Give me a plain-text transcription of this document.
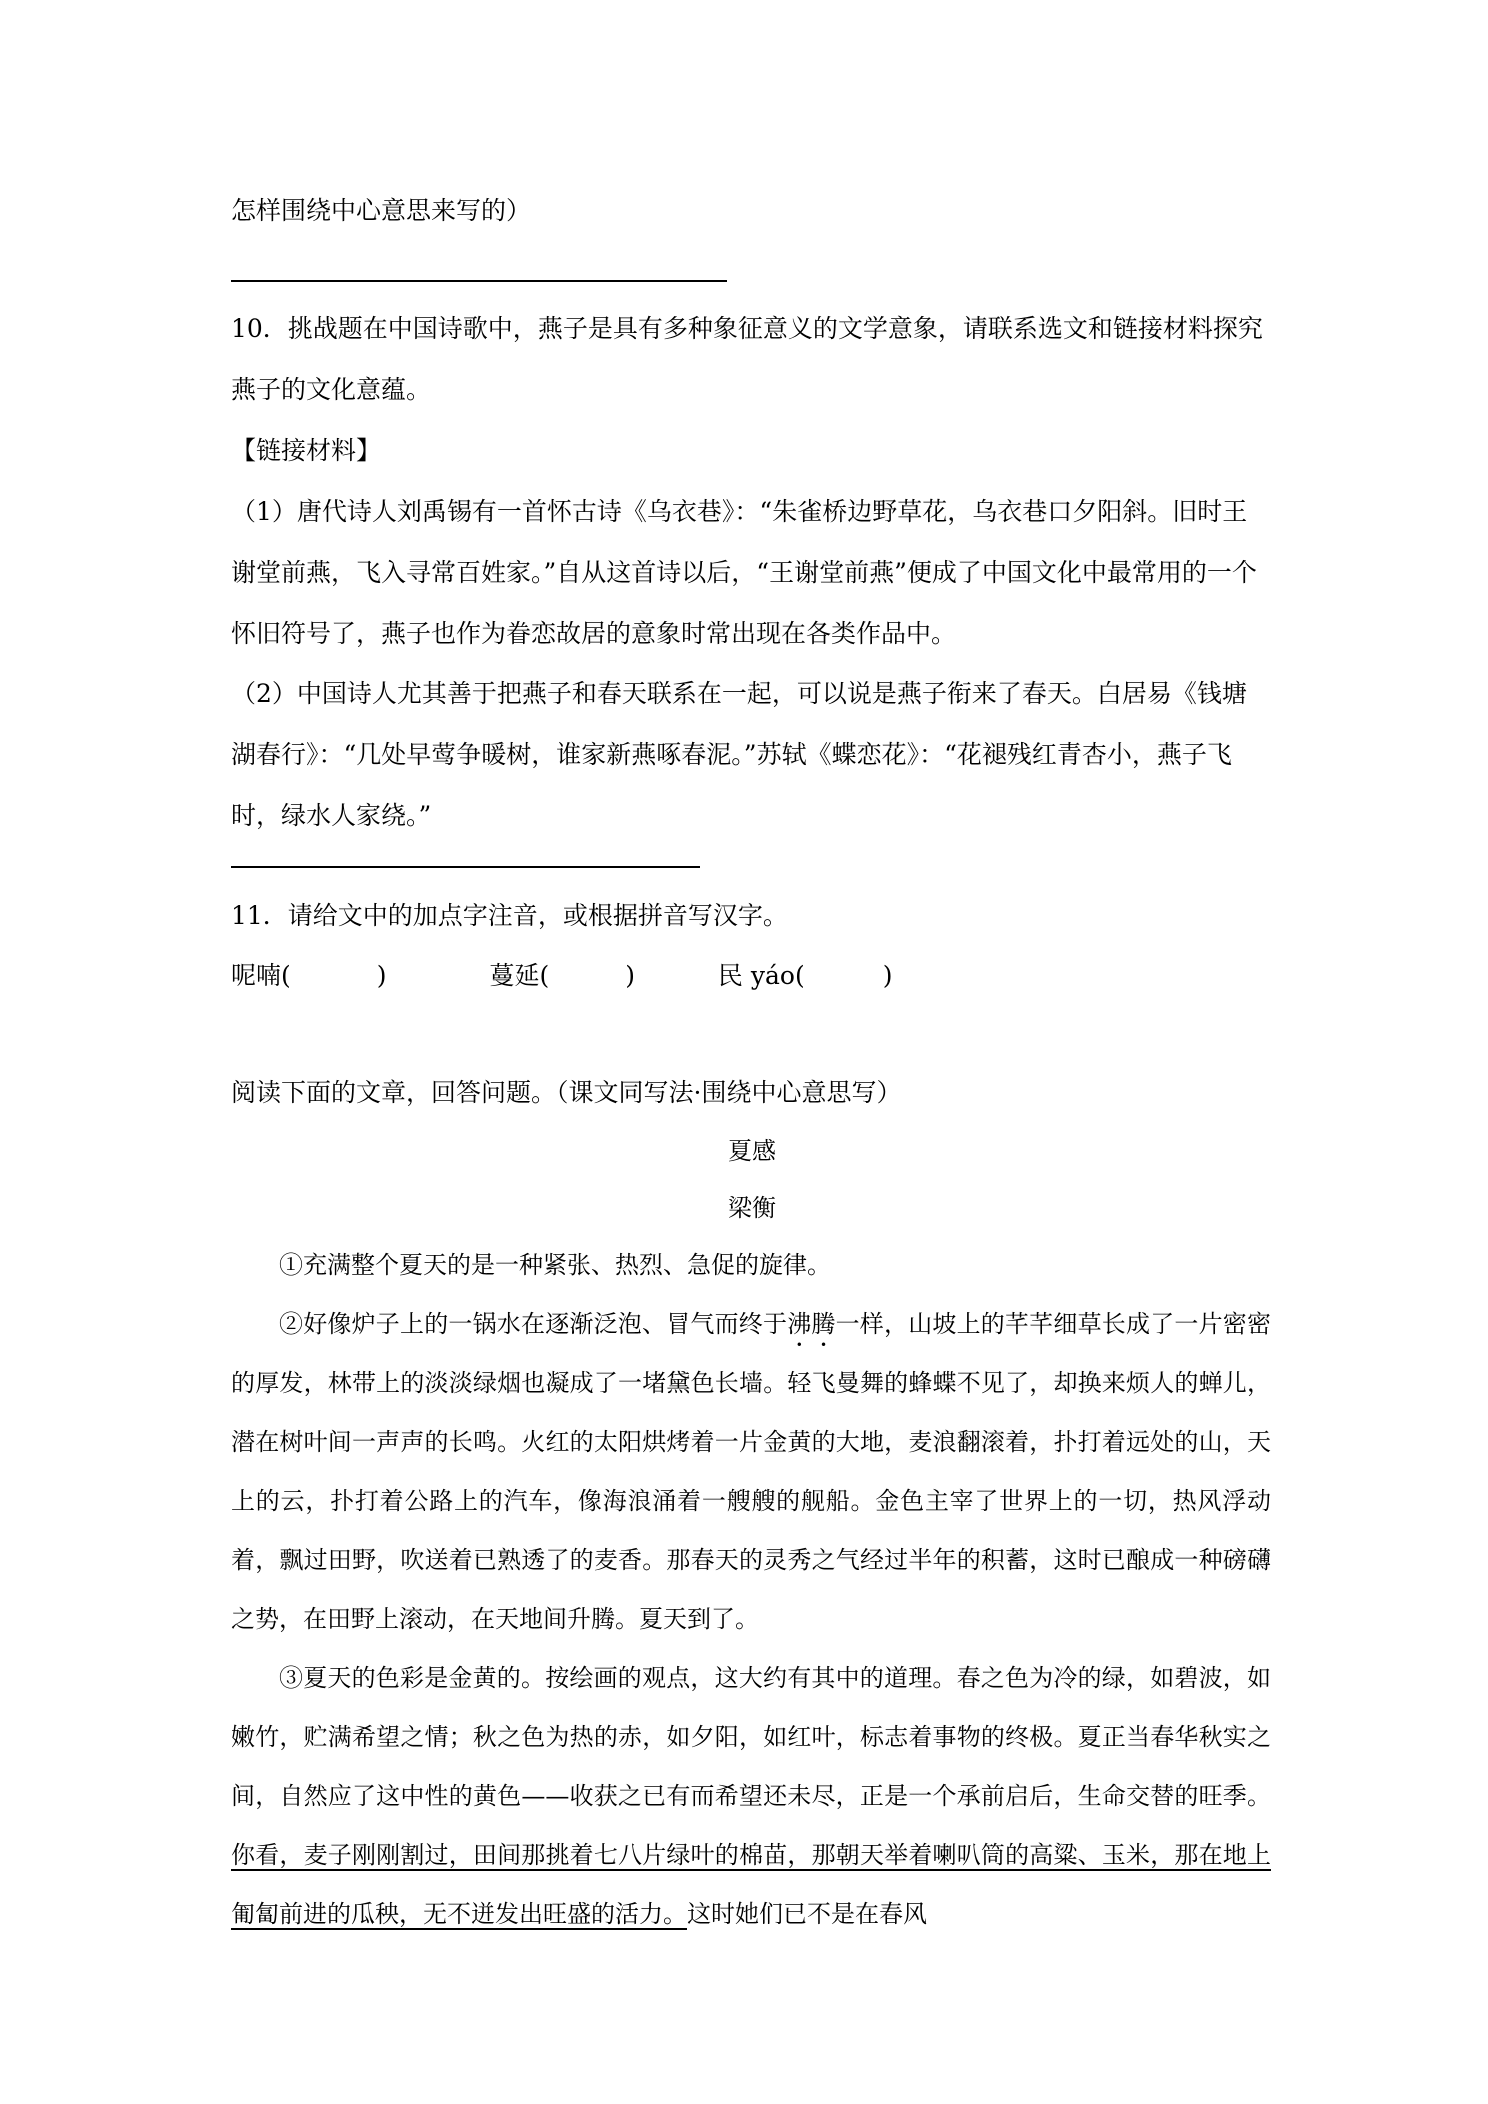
怎样围绕中心意思来写的）
10．挑战题在中国诗歌中，燕子是具有多种象征意义的文学意象，请联系选文和链接材料探究燕子的文化意蕴。
【链接材料】
（1）唐代诗人刘禹锡有一首怀古诗《乌衣巷》：“朱雀桥边野草花，乌衣巷口夕阳斜。旧时王谢堂前燕，飞入寻常百姓家。”自从这首诗以后，“王谢堂前燕”便成了中国文化中最常用的一个怀旧符号了，燕子也作为眷恋故居的意象时常出现在各类作品中。
（2）中国诗人尤其善于把燕子和春天联系在一起，可以说是燕子衔来了春天。白居易《钱塘湖春行》：“几处早莺争暖树，谁家新燕啄春泥。”苏轼《蝶恋花》：“花褪残红青杏小，燕子飞时，绿水人家绕。”
11．请给文中的加点字注音，或根据拼音写汉字。
呢喃(	)	蔓延(	)	民 yáo(	)
阅读下面的文章，回答问题。（课文同写法·围绕中心意思写）
夏感
梁衡
①充满整个夏天的是一种紧张、热烈、急促的旋律。
②好像炉子上的一锅水在逐渐泛泡、冒气而终于沸腾一样，山坡上的芊芊细草长成了一片密密的厚发，林带上的淡淡绿烟也凝成了一堵黛色长墙。轻飞曼舞的蜂蝶不见了，却换来烦人的蝉儿，潜在树叶间一声声的长鸣。火红的太阳烘烤着一片金黄的大地，麦浪翻滚着，扑打着远处的山，天上的云，扑打着公路上的汽车，像海浪涌着一艘艘的舰船。金色主宰了世界上的一切，热风浮动着，飘过田野，吹送着已熟透了的麦香。那春天的灵秀之气经过半年的积蓄，这时已酿成一种磅礴之势，在田野上滚动，在天地间升腾。夏天到了。
③夏天的色彩是金黄的。按绘画的观点，这大约有其中的道理。春之色为冷的绿，如碧波，如嫩竹，贮满希望之情；秋之色为热的赤，如夕阳，如红叶，标志着事物的终极。夏正当春华秋实之间，自然应了这中性的黄色——收获之已有而希望还未尽，正是一个承前启后，生命交替的旺季。你看，麦子刚刚割过，田间那挑着七八片绿叶的棉苗，那朝天举着喇叭筒的高粱、玉米，那在地上匍匐前进的瓜秧，无不迸发出旺盛的活力。这时她们已不是在春风
